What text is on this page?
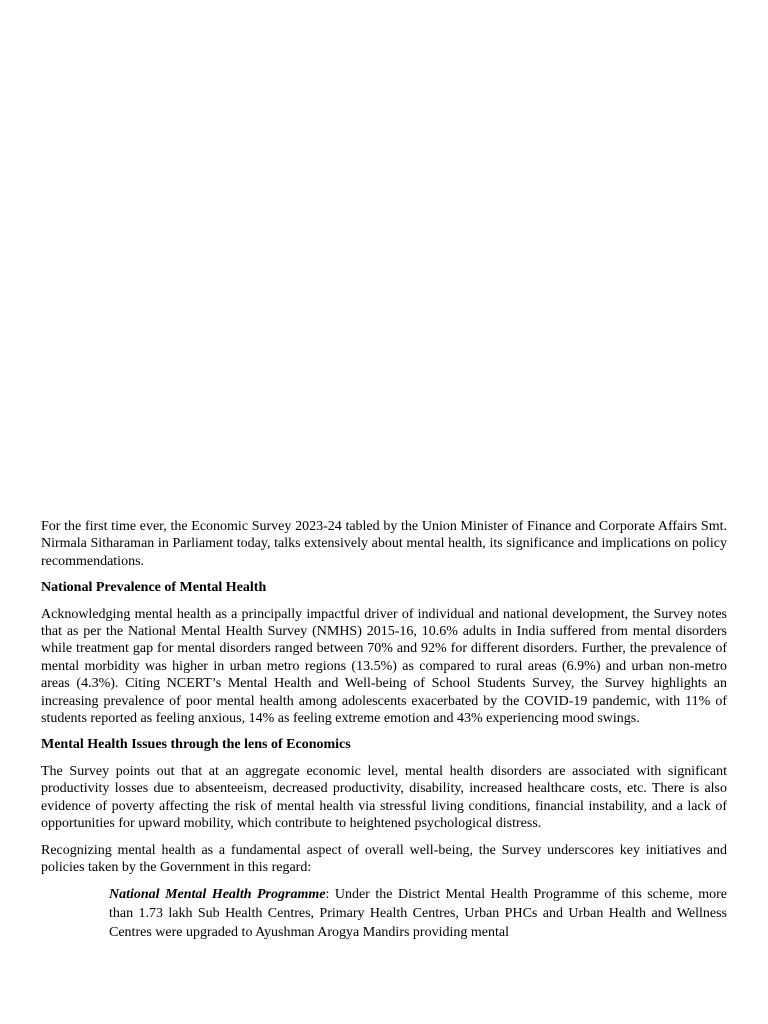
For the first time ever, the Economic Survey 2023-24 tabled by the Union Minister of Finance and Corporate Affairs Smt. Nirmala Sitharaman in Parliament today, talks extensively about mental health, its significance and implications on policy recommendations.

National Prevalence of Mental Health

Acknowledging mental health as a principally impactful driver of individual and national development, the Survey notes that as per the National Mental Health Survey (NMHS) 2015-16, 10.6% adults in India suffered from mental disorders while treatment gap for mental disorders ranged between 70% and 92% for different disorders. Further, the prevalence of mental morbidity was higher in urban metro regions (13.5%) as compared to rural areas (6.9%) and urban non-metro areas (4.3%). Citing NCERT’s Mental Health and Well-being of School Students Survey, the Survey highlights an increasing prevalence of poor mental health among adolescents exacerbated by the COVID-19 pandemic, with 11% of students reported as feeling anxious, 14% as feeling extreme emotion and 43% experiencing mood swings.

Mental Health Issues through the lens of Economics

The Survey points out that at an aggregate economic level, mental health disorders are associated with significant productivity losses due to absenteeism, decreased productivity, disability, increased healthcare costs, etc. There is also evidence of poverty affecting the risk of mental health via stressful living conditions, financial instability, and a lack of opportunities for upward mobility, which contribute to heightened psychological distress.

Recognizing mental health as a fundamental aspect of overall well-being, the Survey underscores key initiatives and policies taken by the Government in this regard:

National Mental Health Programme: Under the District Mental Health Programme of this scheme, more than 1.73 lakh Sub Health Centres, Primary Health Centres, Urban PHCs and Urban Health and Wellness Centres were upgraded to Ayushman Arogya Mandirs providing mental
